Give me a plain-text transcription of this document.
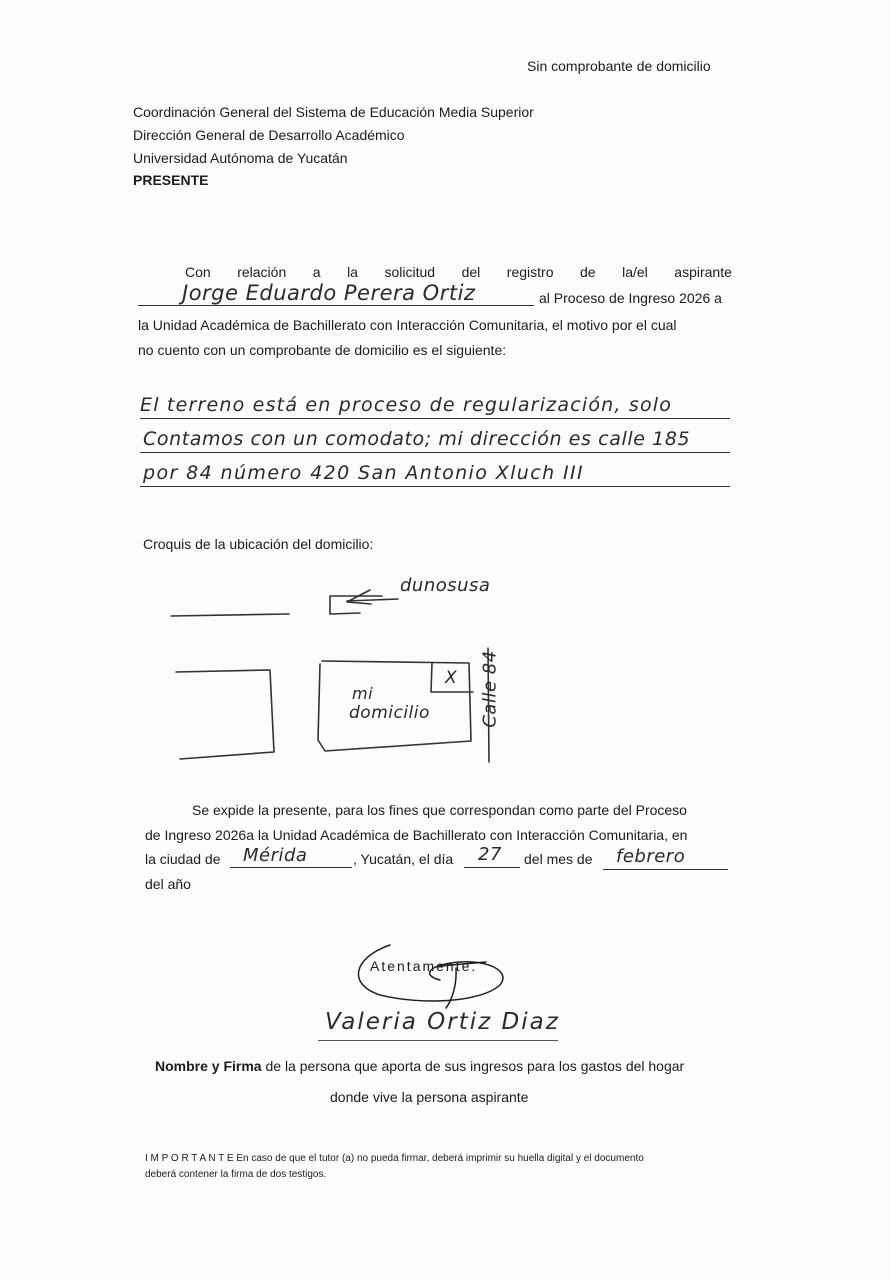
Sin comprobante de domicilio
Coordinación General del Sistema de Educación Media Superior
Dirección General de Desarrollo Académico
Universidad Autónoma de Yucatán
PRESENTE
Con relación a la solicitud del registro de la/el aspirante
Jorge Eduardo Perera Ortiz	al Proceso de Ingreso 2026 a
la Unidad Académica de Bachillerato con Interacción Comunitaria, el motivo por el cual
no cuento con un comprobante de domicilio es el siguiente:
El terreno está en proceso de regularización, solo
Contamos con un comodato; mi dirección es calle 185
por 84 número 420 San Antonio Xluch III
Croquis de la ubicación del domicilio:
dunosusa
mi
domicilio
X Calle 84
Se expide la presente, para los fines que correspondan como parte del Proceso
de Ingreso 2026a la Unidad Académica de Bachillerato con Interacción Comunitaria, en
la ciudad de Mérida	, Yucatán, el día 27 del mes de febrero
del año
Atentamente.
Valeria Ortiz Diaz
Nombre y Firma de la persona que aporta de sus ingresos para los gastos del hogar
donde vive la persona aspirante
I M P O R T A N T E En caso de que el tutor (a) no pueda firmar, deberá imprimir su huella digital y el documento
deberá contener la firma de dos testigos.
